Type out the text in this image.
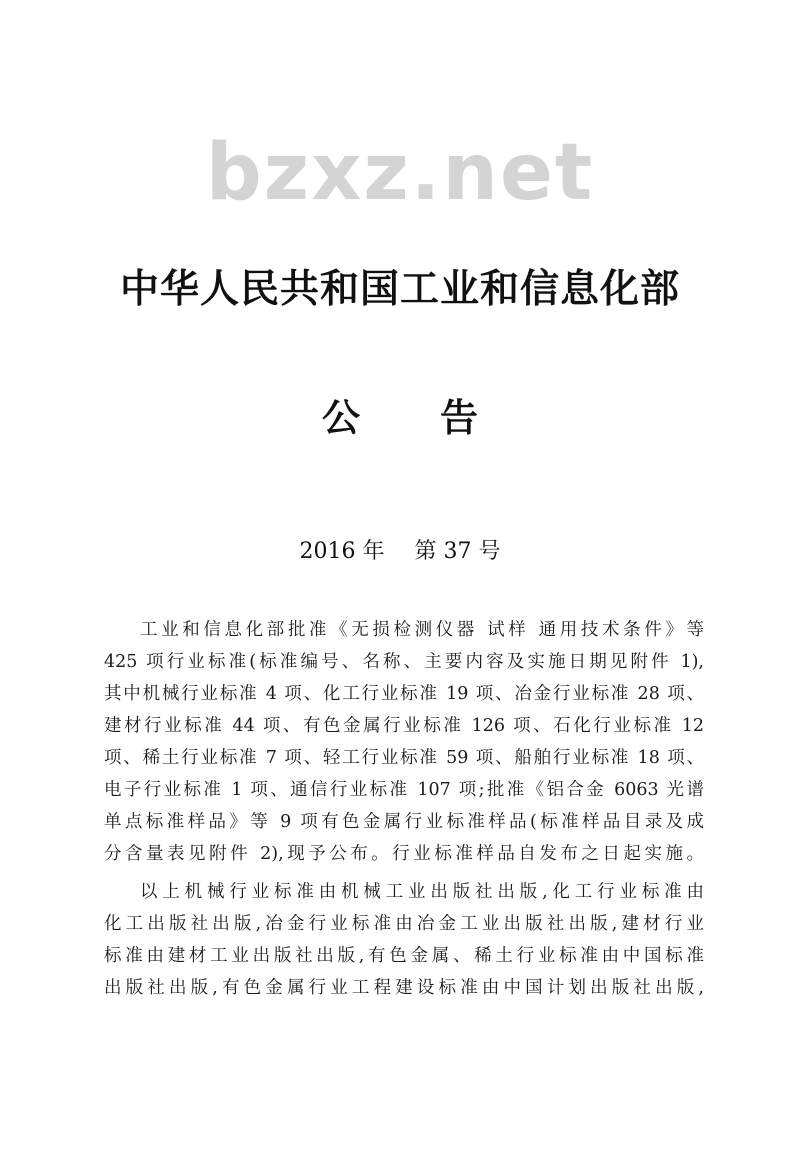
bzxz.net
中华人民共和国工业和信息化部
公 告
2016 年 第 37 号
工业和信息化部批准《无损检测仪器 试样 通用技术条件》等
425 项行业标准(标准编号、名称、主要内容及实施日期见附件 1),
其中机械行业标准 4 项、化工行业标准 19 项、冶金行业标准 28 项、
建材行业标准 44 项、有色金属行业标准 126 项、石化行业标准 12
项、稀土行业标准 7 项、轻工行业标准 59 项、船舶行业标准 18 项、
电子行业标准 1 项、通信行业标准 107 项;批准《铝合金 6063 光谱
单点标准样品》等 9 项有色金属行业标准样品(标准样品目录及成
分含量表见附件 2),现予公布。行业标准样品自发布之日起实施。
以上机械行业标准由机械工业出版社出版,化工行业标准由
化工出版社出版,冶金行业标准由冶金工业出版社出版,建材行业
标准由建材工业出版社出版,有色金属、稀土行业标准由中国标准
出版社出版,有色金属行业工程建设标准由中国计划出版社出版,
